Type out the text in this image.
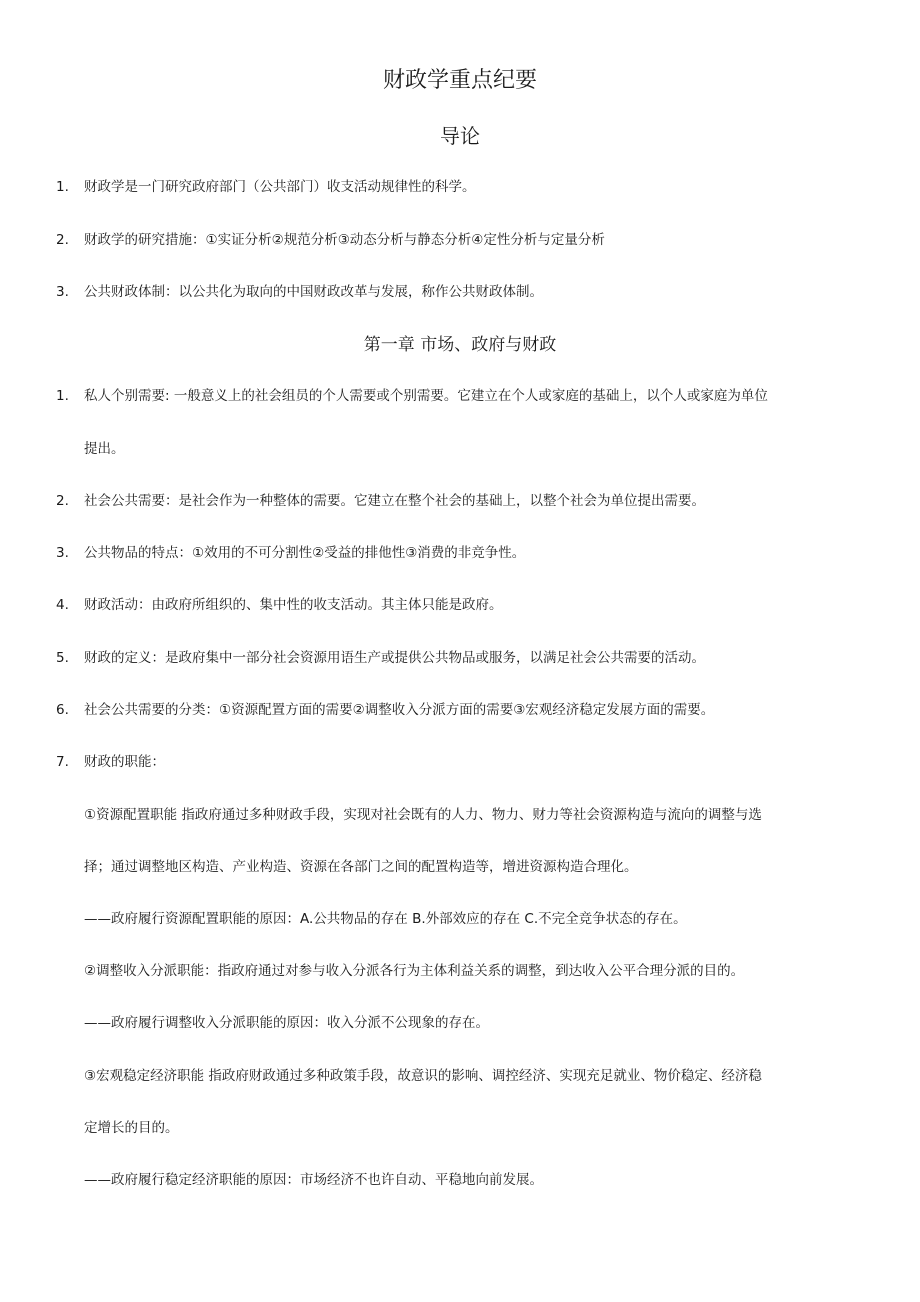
财政学重点纪要
导论
1.	财政学是一门研究政府部门（公共部门）收支活动规律性的科学。
2.	财政学的研究措施：①实证分析②规范分析③动态分析与静态分析④定性分析与定量分析
3.	公共财政体制：以公共化为取向的中国财政改革与发展，称作公共财政体制。
第一章 市场、政府与财政
1.	私人个别需要: 一般意义上的社会组员的个人需要或个别需要。它建立在个人或家庭的基础上，以个人或家庭为单位
提出。
2.	社会公共需要：是社会作为一种整体的需要。它建立在整个社会的基础上，以整个社会为单位提出需要。
3.	公共物品的特点：①效用的不可分割性②受益的排他性③消费的非竞争性。
4.	财政活动：由政府所组织的、集中性的收支活动。其主体只能是政府。
5.	财政的定义：是政府集中一部分社会资源用语生产或提供公共物品或服务，以满足社会公共需要的活动。
6.	社会公共需要的分类：①资源配置方面的需要②调整收入分派方面的需要③宏观经济稳定发展方面的需要。
7.	财政的职能：
①资源配置职能 指政府通过多种财政手段，实现对社会既有的人力、物力、财力等社会资源构造与流向的调整与选
择；通过调整地区构造、产业构造、资源在各部门之间的配置构造等，增进资源构造合理化。
——政府履行资源配置职能的原因：A.公共物品的存在 B.外部效应的存在 C.不完全竞争状态的存在。
②调整收入分派职能：指政府通过对参与收入分派各行为主体利益关系的调整，到达收入公平合理分派的目的。
——政府履行调整收入分派职能的原因：收入分派不公现象的存在。
③宏观稳定经济职能 指政府财政通过多种政策手段，故意识的影响、调控经济、实现充足就业、物价稳定、经济稳
定增长的目的。
——政府履行稳定经济职能的原因：市场经济不也许自动、平稳地向前发展。
